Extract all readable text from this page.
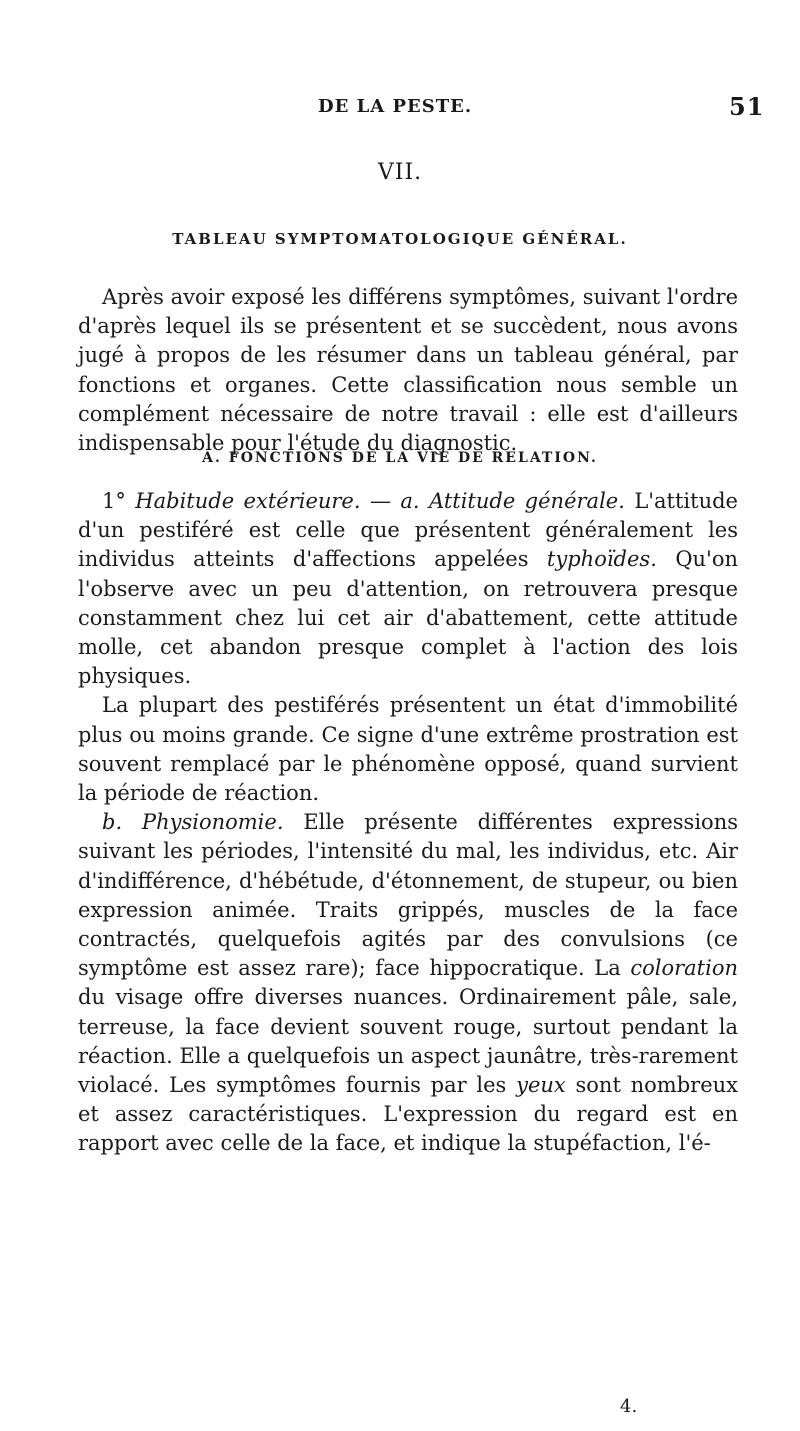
DE LA PESTE.	51
VII.
TABLEAU SYMPTOMATOLOGIQUE GÉNÉRAL.

Après avoir exposé les différens symptômes, suivant l'ordre d'après lequel ils se présentent et se succèdent, nous avons jugé à propos de les résumer dans un tableau général, par fonctions et organes. Cette classification nous semble un complément nécessaire de notre travail : elle est d'ailleurs indispensable pour l'étude du diagnostic.

A. FONCTIONS DE LA VIE DE RELATION.

1° Habitude extérieure. — a. Attitude générale. L'attitude d'un pestiféré est celle que présentent généralement les individus atteints d'affections appelées typhoïdes. Qu'on l'observe avec un peu d'attention, on retrouvera presque constamment chez lui cet air d'abattement, cette attitude molle, cet abandon presque complet à l'action des lois physiques.

La plupart des pestiférés présentent un état d'immobilité plus ou moins grande. Ce signe d'une extrême prostration est souvent remplacé par le phénomène opposé, quand survient la période de réaction.

b. Physionomie. Elle présente différentes expressions suivant les périodes, l'intensité du mal, les individus, etc. Air d'indifférence, d'hébétude, d'étonnement, de stupeur, ou bien expression animée. Traits grippés, muscles de la face contractés, quelquefois agités par des convulsions (ce symptôme est assez rare); face hippocratique. La coloration du visage offre diverses nuances. Ordinairement pâle, sale, terreuse, la face devient souvent rouge, surtout pendant la réaction. Elle a quelquefois un aspect jaunâtre, très-rarement violacé. Les symptômes fournis par les yeux sont nombreux et assez caractéristiques. L'expression du regard est en rapport avec celle de la face, et indique la stupéfaction, l'é-

4.
